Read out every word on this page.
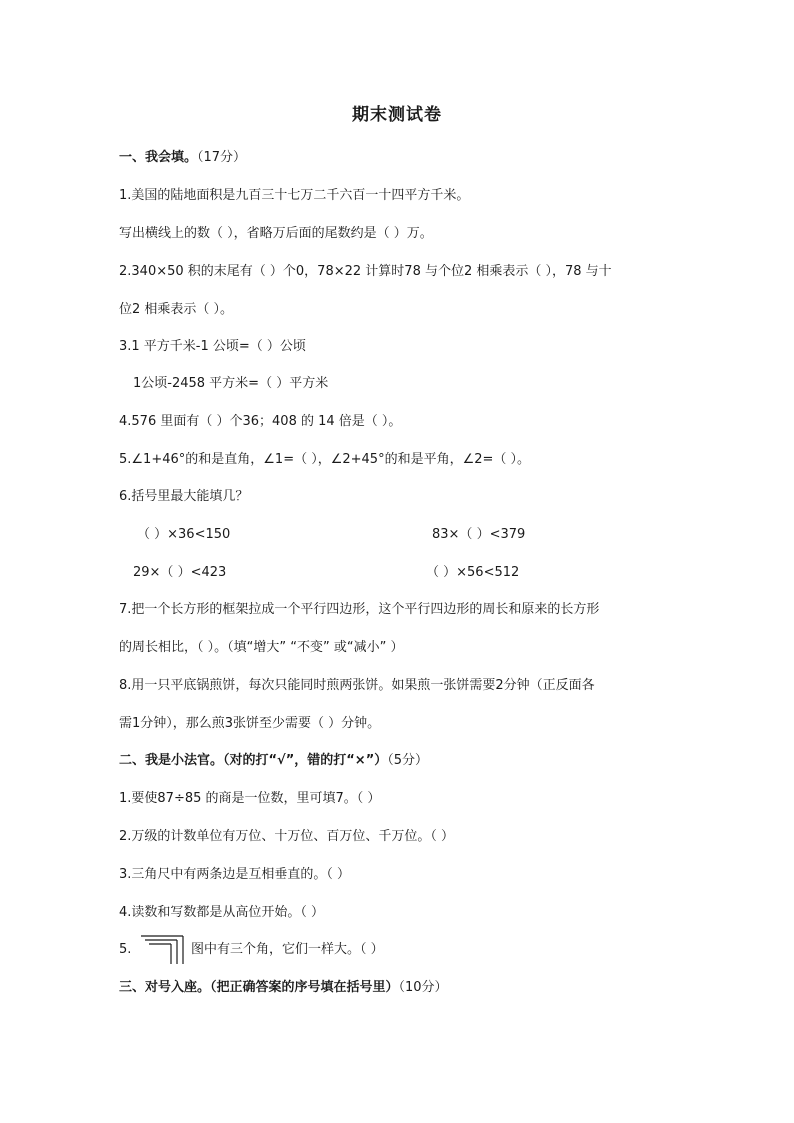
期末测试卷
一、我会填。（17分）
1.美国的陆地面积是九百三十七万二千六百一十四平方千米。
写出横线上的数（ ），省略万后面的尾数约是（ ）万。
2.340×50 积的末尾有（ ）个0，78×22 计算时78 与个位2 相乘表示（ ），78 与十
位2 相乘表示（ ）。
3.1 平方千米-1 公顷=（ ）公顷
1公顷-2458 平方米=（ ）平方米
4.576 里面有（ ）个36；408 的 14 倍是（ ）。
5.∠1+46°的和是直角，∠1=（ ），∠2+45°的和是平角，∠2=（ ）。
6.括号里最大能填几？
（ ）×36<150	83×（ ）<379
29×（ ）<423	（ ）×56<512
7.把一个长方形的框架拉成一个平行四边形，这个平行四边形的周长和原来的长方形
的周长相比，（ ）。（填“增大” “不变” 或“减小” ）
8.用一只平底锅煎饼，每次只能同时煎两张饼。如果煎一张饼需要2分钟（正反面各
需1分钟），那么煎3张饼至少需要（ ）分钟。
二、我是小法官。（对的打“√”，错的打“×”）（5分）
1.要使87÷85 的商是一位数，里可填7。（ ）
2.万级的计数单位有万位、十万位、百万位、千万位。（ ）
3.三角尺中有两条边是互相垂直的。（ ）
4.读数和写数都是从高位开始。（ ）
5.	图中有三个角，它们一样大。（ ）
三、对号入座。（把正确答案的序号填在括号里）（10分）
